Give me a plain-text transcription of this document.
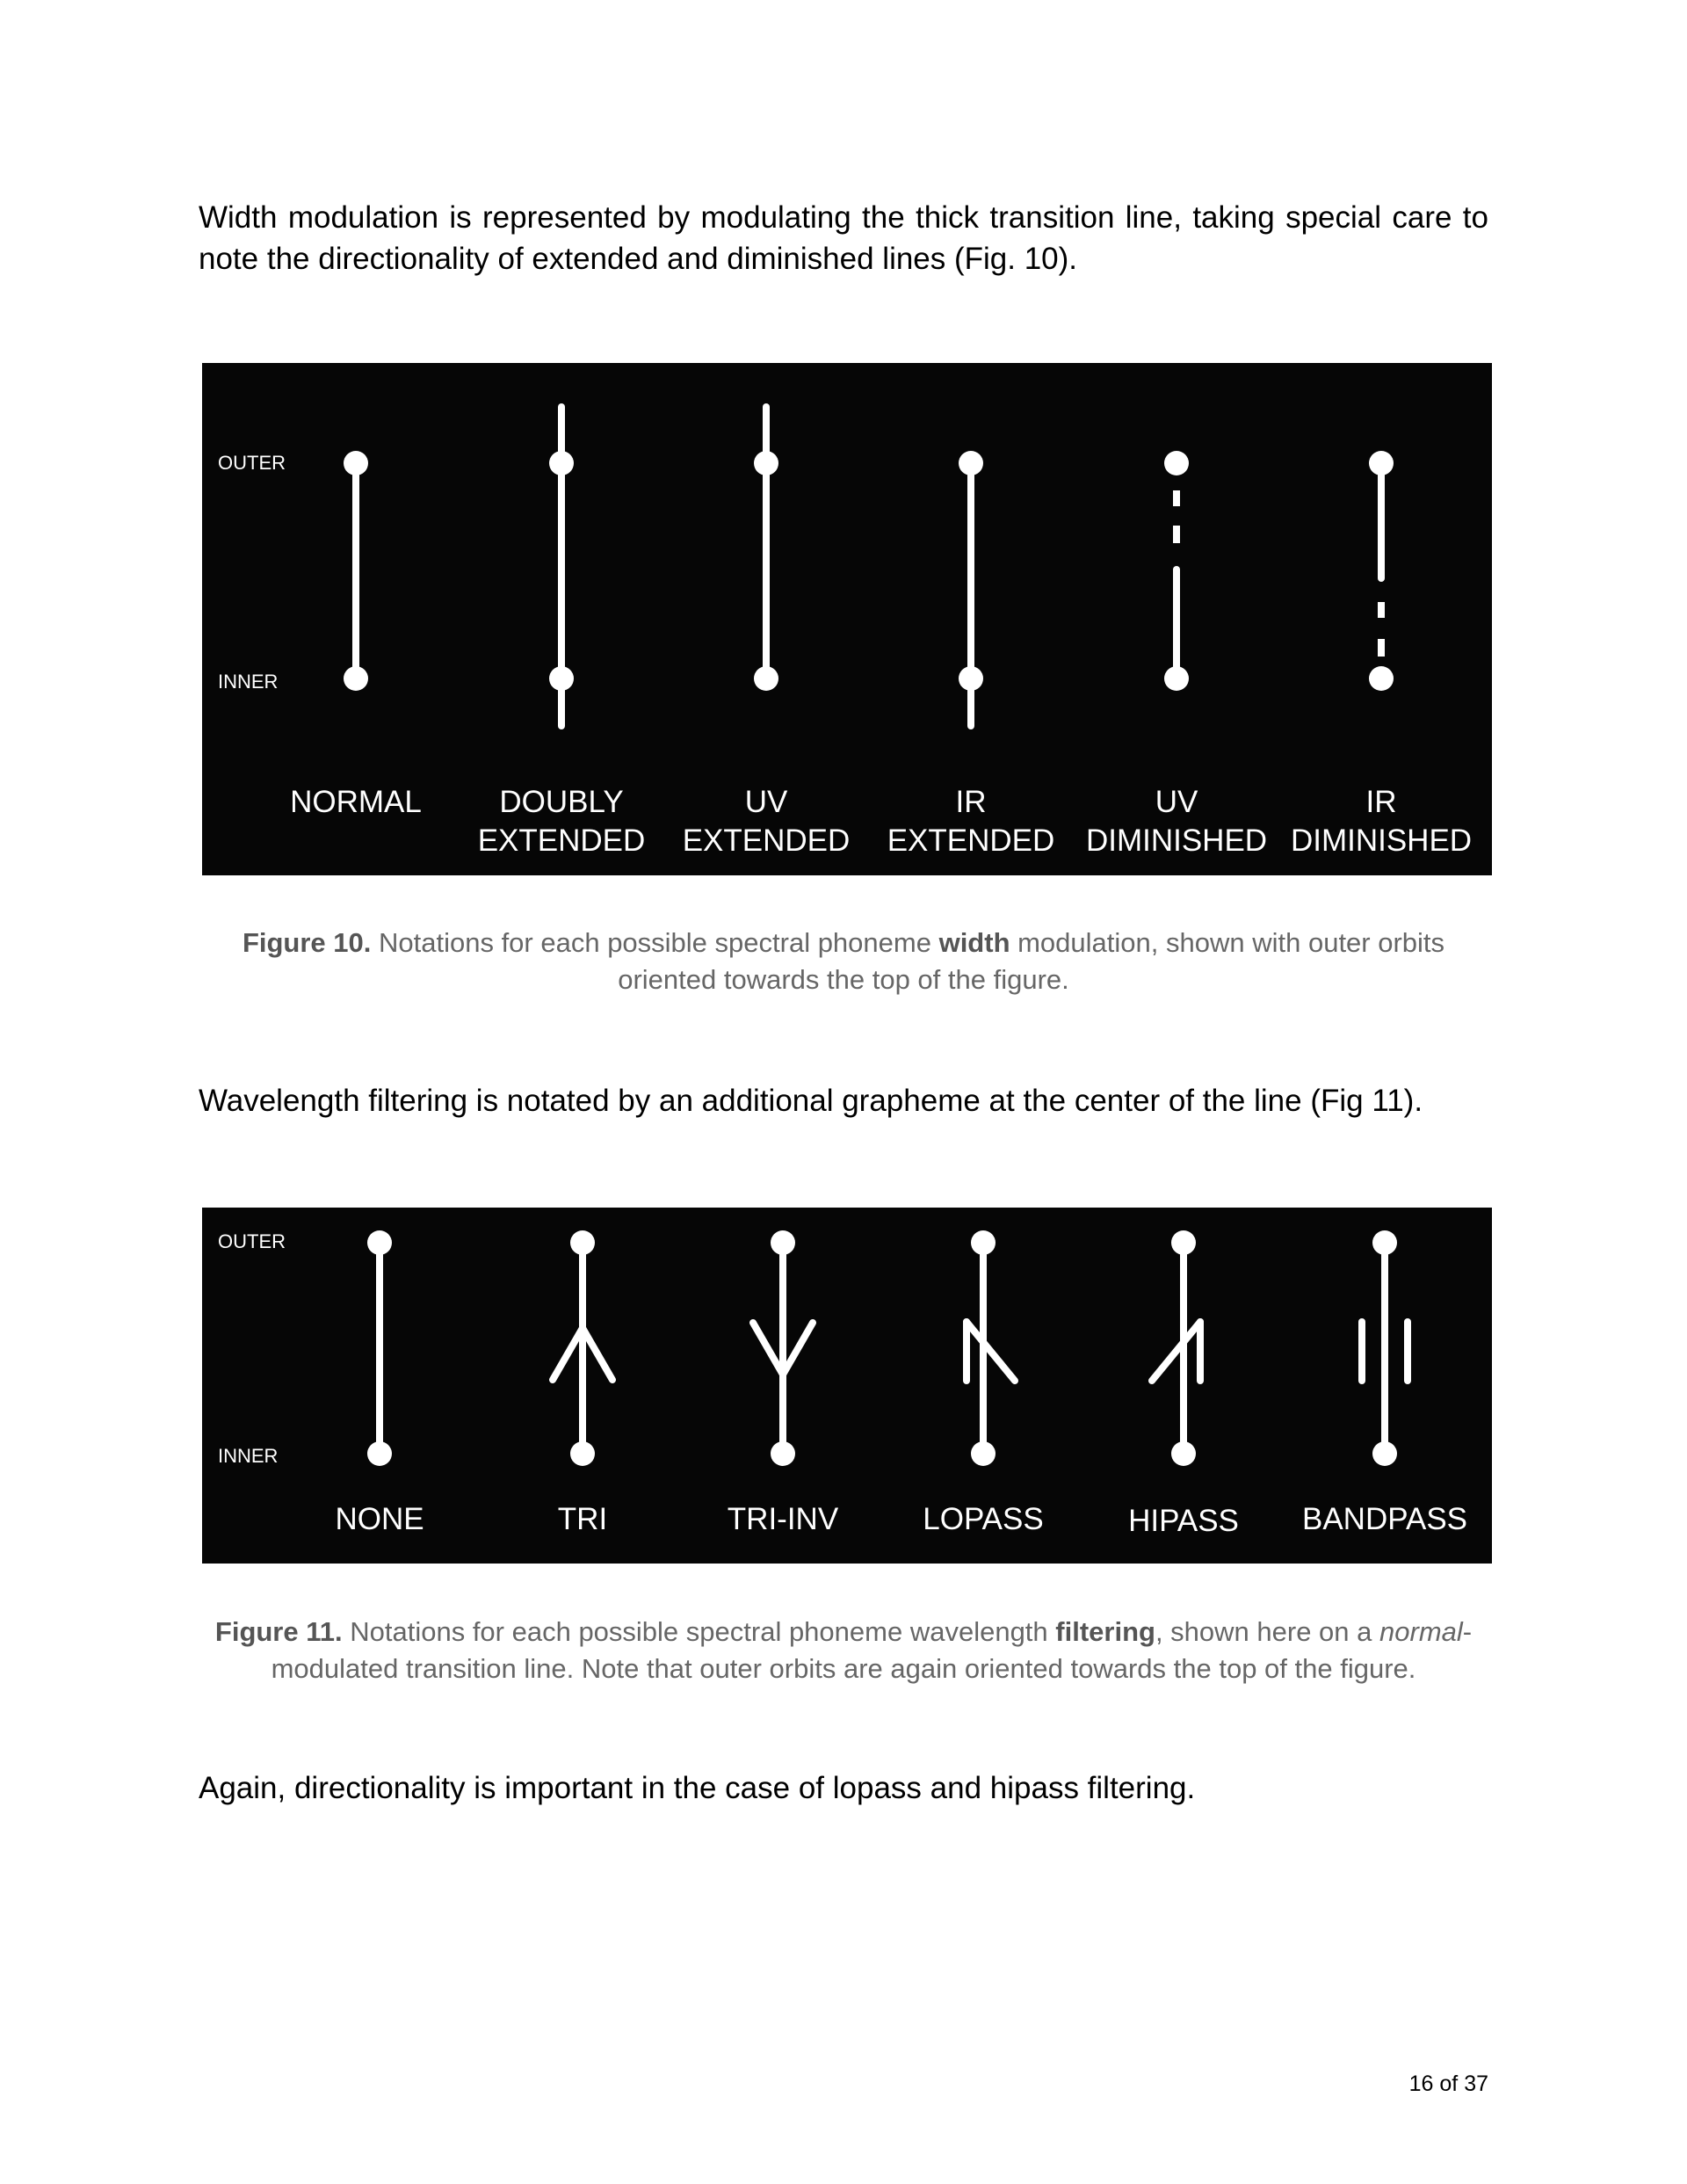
Width modulation is represented by modulating the thick transition line, taking special care to note the directionality of extended and diminished lines (Fig. 10).

OUTER
INNER
NORMAL	DOUBLY
EXTENDED
UV
EXTENDED
IR
EXTENDED
UV
DIMINISHED
IR
DIMINISHED

Figure 10. Notations for each possible spectral phoneme width modulation, shown with outer orbits oriented towards the top of the figure.

Wavelength filtering is notated by an additional grapheme at the center of the line (Fig 11).

OUTER
INNER
NONE	TRI	TRI-INV	LOPASS	HIPASS BANDPASS

Figure 11. Notations for each possible spectral phoneme wavelength filtering, shown here on a normal-modulated transition line. Note that outer orbits are again oriented towards the top of the figure.

Again, directionality is important in the case of lopass and hipass filtering.

16 of 37
